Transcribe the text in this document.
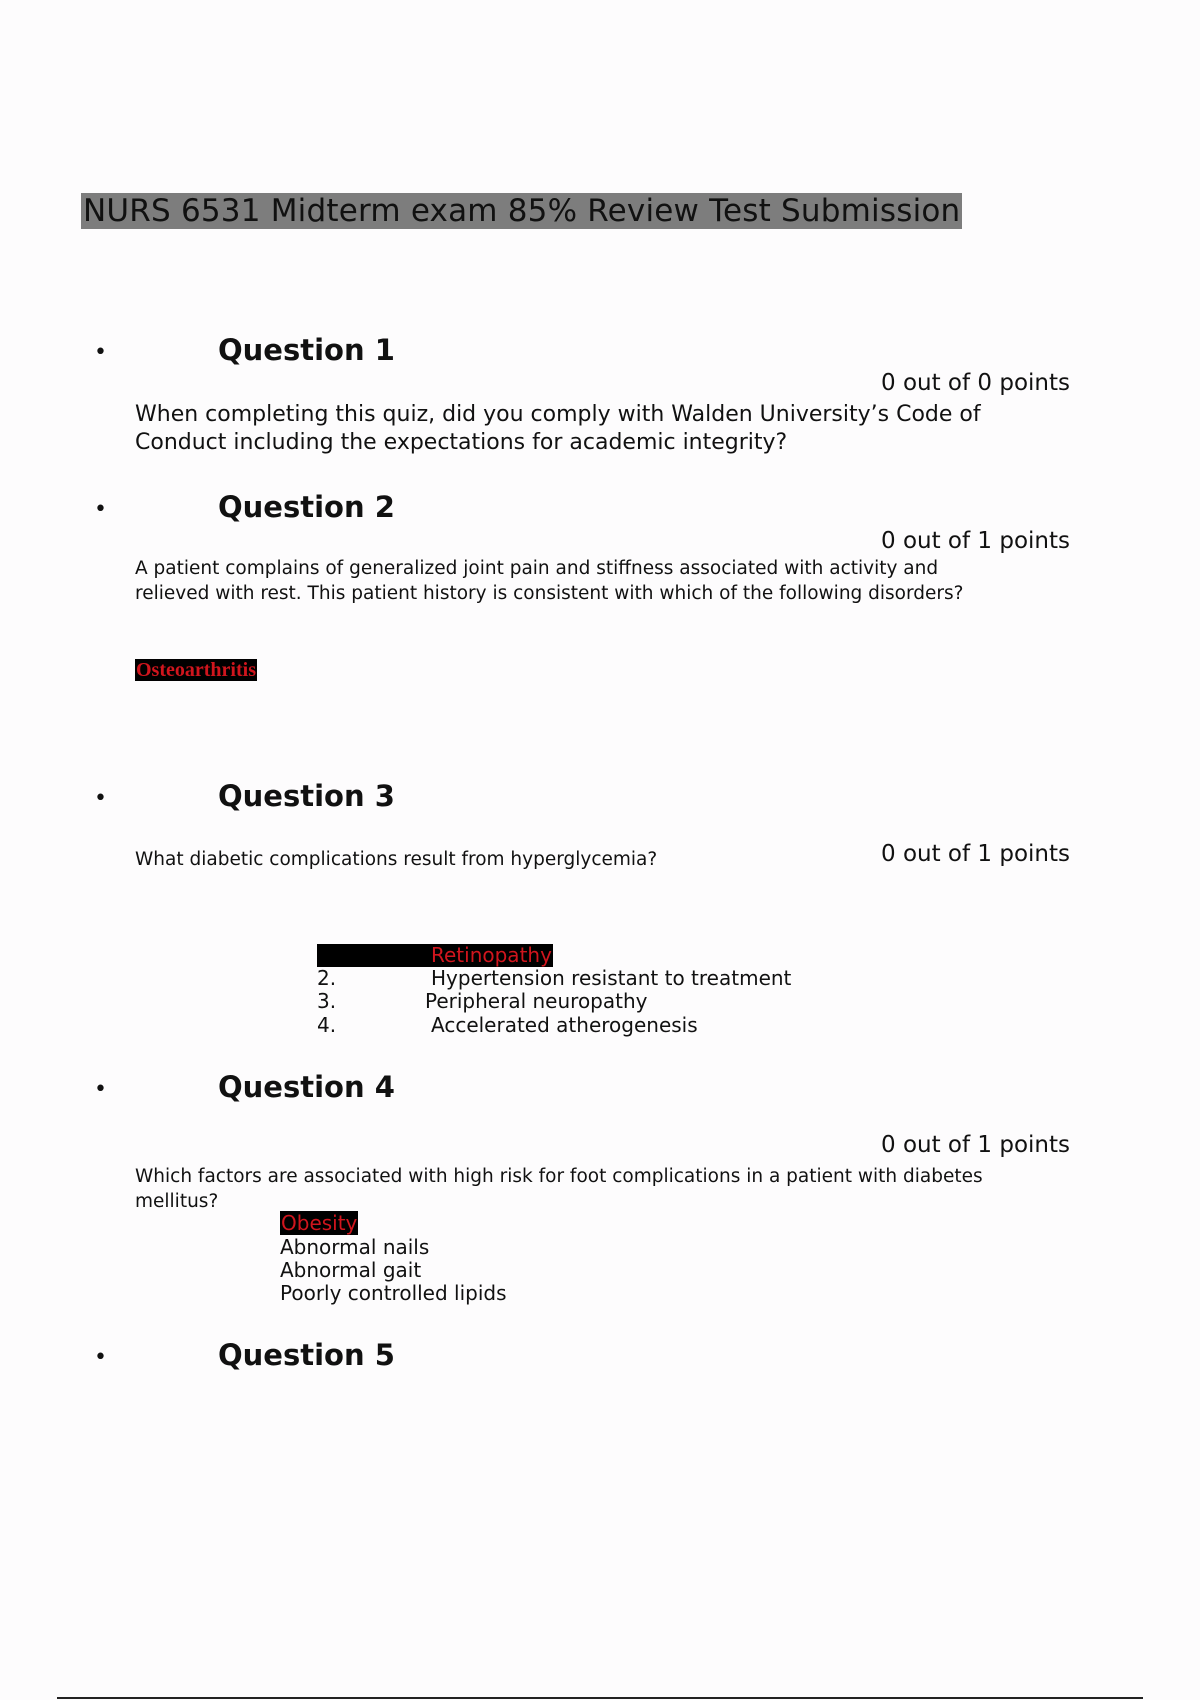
NURS 6531 Midterm exam 85% Review Test Submission
•	Question 1
0 out of 0 points
When completing this quiz, did you comply with Walden University’s Code of Conduct including the expectations for academic integrity?
•	Question 2
0 out of 1 points
A patient complains of generalized joint pain and stiffness associated with activity and relieved with rest. This patient history is consistent with which of the following disorders?
Osteoarthritis
•	Question 3
0 out of 1 points
What diabetic complications result from hyperglycemia?
Retinopathy
2.	Hypertension resistant to treatment
3.	Peripheral neuropathy
4.	Accelerated atherogenesis
•	Question 4
0 out of 1 points
Which factors are associated with high risk for foot complications in a patient with diabetes mellitus?
Obesity
Abnormal nails
Abnormal gait
Poorly controlled lipids
•	Question 5
